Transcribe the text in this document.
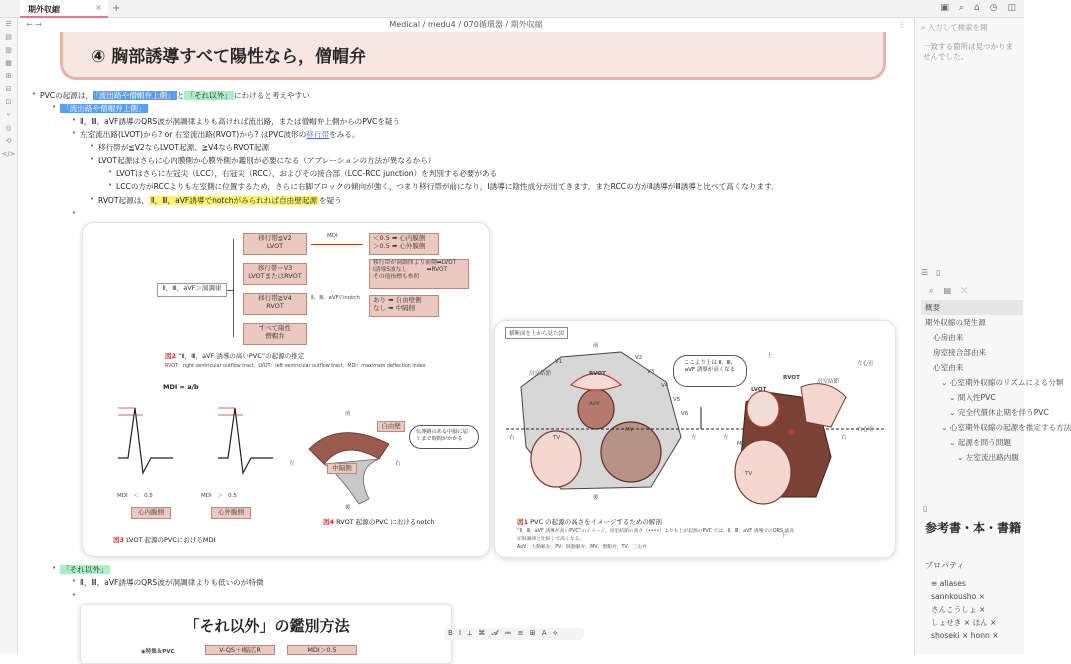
期外収縮	× +	▣ ⌕ ⌂ ◷ ◫
☰
▤
▥
▦
⊞
⊟
⊡
⑂
◎
⟲
</>
← →	Medical / medu4 / 070循環器 / 期外収縮	⋮
④ 胸部誘導すべて陽性なら，僧帽弁
• PVCの起源は， 「流出路や僧帽弁上側」 と 「それ以外」 にわけると考えやすい
• 「流出路や僧帽弁上側」
• Ⅱ，Ⅲ，aVF誘導のQRS波が洞調律よりも高ければ流出路，または僧帽弁上側からのPVCを疑う
• 左室流出路(LVOT)から? or 右室流出路(RVOT)から? はPVC波形の移行帯をみる。
• 移行帯が≦V2ならLVOT起源、≧V4ならRVOT起源
• LVOT起源はさらに心内膜側か心膜外側か鑑別が必要になる（アブレーションの方法が異なるから）
• LVOTはさらに左冠尖（LCC），右冠尖（RCC），およびその接合部（LCC-RCC junction）を判別する必要がある
• LCCの方がRCCよりも左室側に位置するため，さらに右脚ブロックの傾向が強く，つまり移行帯が前になり，Ⅰ誘導に陰性成分が出てきます．またRCCの方がⅡ誘導がⅢ誘導と比べて高くなります．
• RVOT起源は， Ⅱ，Ⅲ，aVF誘導でnotchがみられれば自由壁起源 を疑う
•
Ⅱ，Ⅲ，aVF＞洞調律
移行帯≦V2
LVOT
移行帯＝V3
LVOTまたはRVOT
移行帯≧V4
RVOT
すべて陽性
僧帽弁
MDI	＜0.5 ➡ 心内膜側
＞0.5 ➡ 心外膜側
移行帯が洞調律より前側➡LVOT
Ⅰ誘導S波なし　　　 ➡RVOT
その他指標も参照
Ⅱ，Ⅲ，aVFのnotch	あり ➡ 自由壁側
なし ➡ 中隔側
図2 “Ⅱ，Ⅲ，aVF 誘導の高いPVC”の起源の推定
RVOT：right ventricular outflow tract，LVOT：left ventricular outflow tract，MDI：maximam deflection index
MDI = a/b
MDI　＜　0.5	MDI　＞　0.5
心内膜側	心外膜側
図3 LVOT 起源のPVCにおけるMDI
前
自由壁
左	右
中隔側
後
伝導路のある中隔に届くまで時間がかかる
図4 RVOT 起源のPVC におけるnotch
横断面を上から見た図
前
後
右	左
房室結節	RVOT
AoV
TV
MV
V1
V2
V3
V4
V5
V6
ここより上は Ⅱ，Ⅲ，aVF 誘導が高くなる
上
下
LVOT
RVOT
房室結節
左心室
右心室
左	右
MV
TV
図1 PVC の起源の高さをイメージするための解剖
“Ⅱ，Ⅲ，aVF 誘導が高いPVC”のイメージ。房室結節の高さ（••••）よりも上が起源のPVC では，Ⅱ，Ⅲ，aVF 誘導でのQRS 波高
が洞調律と比較して高くなる。
AoV：大動脈弁，PV：肺動脈弁，MV：僧帽弁，TV：三尖弁
• 「それ以外」
• Ⅱ，Ⅲ，aVF誘導のQRS波が洞調律よりも低いのが特徴
•
「それ以外」の鑑別方法
◉特集＆PVC	V-QS＋Ⅰ幅広R	MDI＞0.5
B I ⟂ ⌘ 𝓐 ≔ ≡ ⊞ A ⟡
⌕ 入力して検索を開
一致する箇所は見つかりませんでした。
☰ ▯
⌕ ▤ ⤫
概要
期外収縮の発生源
心房由来
房室接合部由来
心室由来
⌄ 心室期外収縮のリズムによる分類
⌄ 間入性PVC
⌄ 完全代償休止期を伴うPVC
⌄ 心室期外収縮の起源を推定する方法
⌄ 起源を問う問題
⌄ 左室流出路内腹
▯
参考書・本・書籍
プロパティ
≡ aliases
sannkousho ×
さんこうしょ ×
しょせき × ほん ×
shoseki × honn ×
